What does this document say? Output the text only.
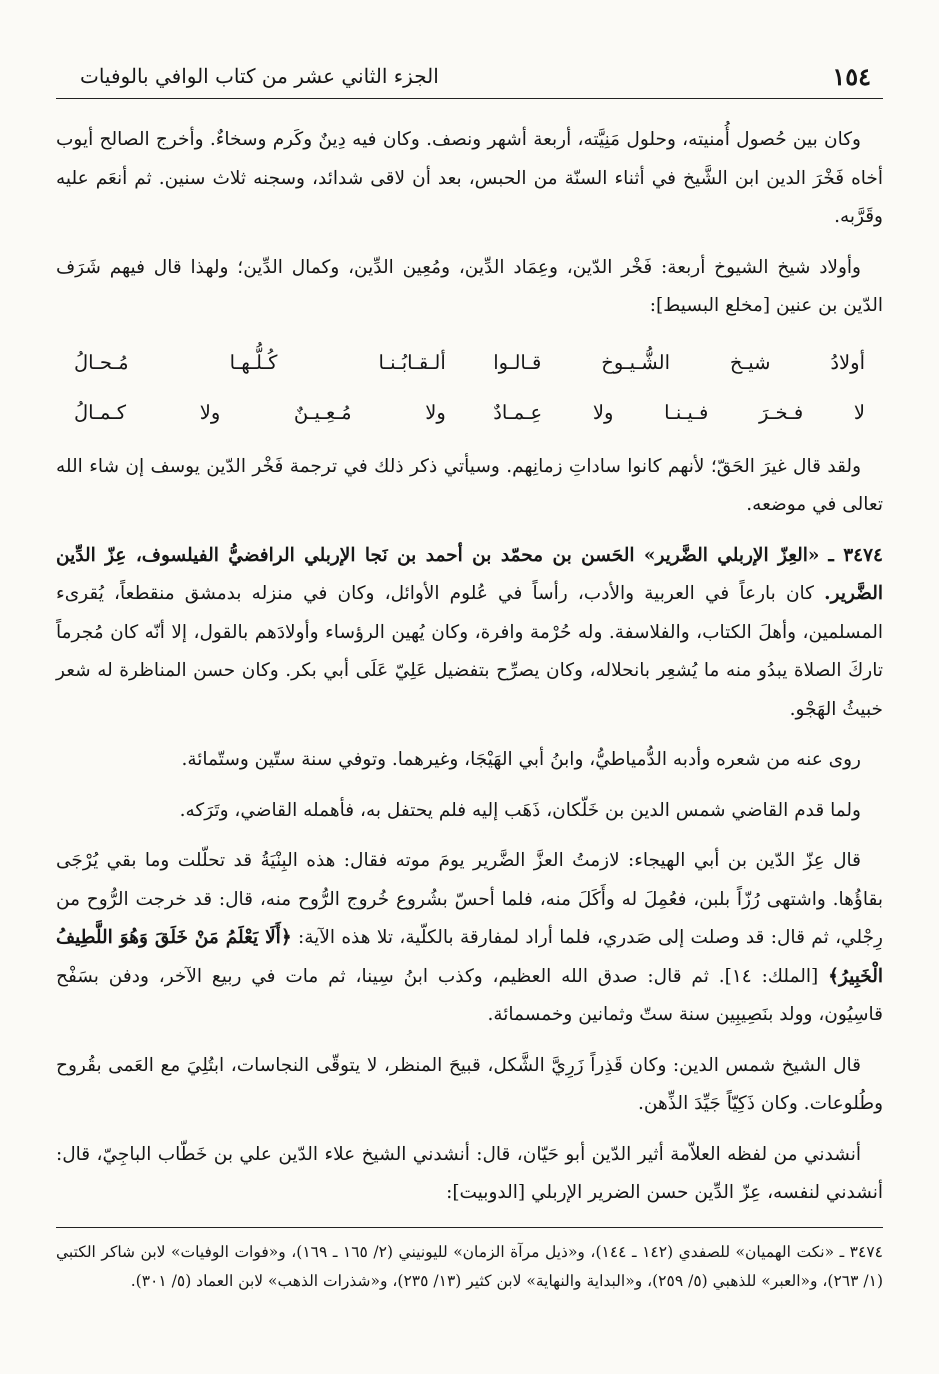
١٥٤
الجزء الثاني عشر من كتاب الوافي بالوفيات

وكان بين حُصول أُمنيته، وحلول مَنِيَّته، أربعة أشهر ونصف. وكان فيه دِينٌ وكَرم وسخاءٌ. وأخرج الصالح أيوب أخاه فَخْرَ الدين ابن الشَّيخ في أثناء السنّة من الحبس، بعد أن لاقى شدائد، وسجنه ثلاث سنين. ثم أنعَم عليه وقَرَّبه.

وأولاد شيخ الشيوخ أربعة: فَخْر الدّين، وعِمَاد الدِّين، ومُعِين الدِّين، وكمال الدِّين؛ ولهذا قال فيهم شَرَف الدّين بن عنين [مخلع البسيط]:

أولادُ شيـخ الشُّـيـوخ قـالـوا
ألـقـابُـنـا كُـلُّـهـا مُـحـالُ
لا فـخـرَ فـيـنـا ولا عِـمـادٌ
ولا مُـعِـيـنٌ ولا كـمـالُ

ولقد قال غيرَ الحَقّ؛ لأنهم كانوا ساداتِ زمانِهم. وسيأتي ذكر ذلك في ترجمة فَخْر الدّين يوسف إن شاء الله تعالى في موضعه.

٣٤٧٤ ـ «العِزّ الإربلي الضَّرير» الحَسن بن محمّد بن أحمد بن نَجا الإربلي الرافضيُّ الفيلسوف، عِزّ الدِّين الضَّرير. كان بارعاً في العربية والأدب، رأساً في عُلوم الأوائل، وكان في منزله بدمشق منقطعاً، يُقرىء المسلمين، وأهلَ الكتاب، والفلاسفة. وله حُرْمة وافرة، وكان يُهين الرؤساء وأولادَهم بالقول، إلا أنّه كان مُجرماً تاركَ الصلاة يبدُو منه ما يُشعِر بانحلاله، وكان يصرِّح بتفضيل عَلِيّ عَلَى أبي بكر. وكان حسن المناظرة له شعر خبيثُ الهَجْو.

روى عنه من شعره وأدبه الدُّمياطيُّ، وابنُ أبي الهَيْجَا، وغيرهما. وتوفي سنة ستّين وستّمائة.

ولما قدم القاضي شمس الدين بن خَلّكان، ذَهَب إليه فلم يحتفل به، فأهمله القاضي، وتَرَكه.

قال عِزّ الدّين بن أبي الهيجاء: لازمتُ العزَّ الضَّرير يومَ موته فقال: هذه البِنْيَةُ قد تحلّلت وما بقي يُرْجَى بقاؤُها. واشتهى رُزّاً بلبن، فعُمِلَ له وأَكَلَ منه، فلما أحسّ بشُروع خُروج الرُّوح منه، قال: قد خرجت الرُّوح من رِجْلي، ثم قال: قد وصلت إلى صَدري، فلما أراد لمفارقة بالكلّية، تلا هذه الآية: ﴿أَلَا يَعْلَمُ مَنْ خَلَقَ وَهُوَ اللَّطِيفُ الْخَبِيرُ﴾ [الملك: ١٤]. ثم قال: صدق الله العظيم، وكذب ابنُ سِينا، ثم مات في ربيع الآخر، ودفن بسَفْح قاسِيُون، وولد بنَصِيبِين سنة ستّ وثمانين وخمسمائة.

قال الشيخ شمس الدين: وكان قَذِراً زَرِيَّ الشَّكل، قبيحَ المنظر، لا يتوقّى النجاسات، ابتُلِيَ مع العَمى بقُروح وطُلوعات. وكان ذَكِيّاً جَيِّدَ الذِّهن.

أنشدني من لفظه العلاّمة أثير الدّين أبو حَيّان، قال: أنشدني الشيخ علاء الدّين علي بن خَطّاب الباجِيّ، قال: أنشدني لنفسه، عِزّ الدِّين حسن الضرير الإربلي [الدوبيت]:

٣٤٧٤ ـ «نكت الهميان» للصفدي (١٤٢ ـ ١٤٤)، و«ذيل مرآة الزمان» لليونيني (٢/ ١٦٥ ـ ١٦٩)، و«فوات الوفيات» لابن شاكر الكتبي (١/ ٢٦٣)، و«العبر» للذهبي (٥/ ٢٥٩)، و«البداية والنهاية» لابن كثير (١٣/ ٢٣٥)، و«شذرات الذهب» لابن العماد (٥/ ٣٠١).
